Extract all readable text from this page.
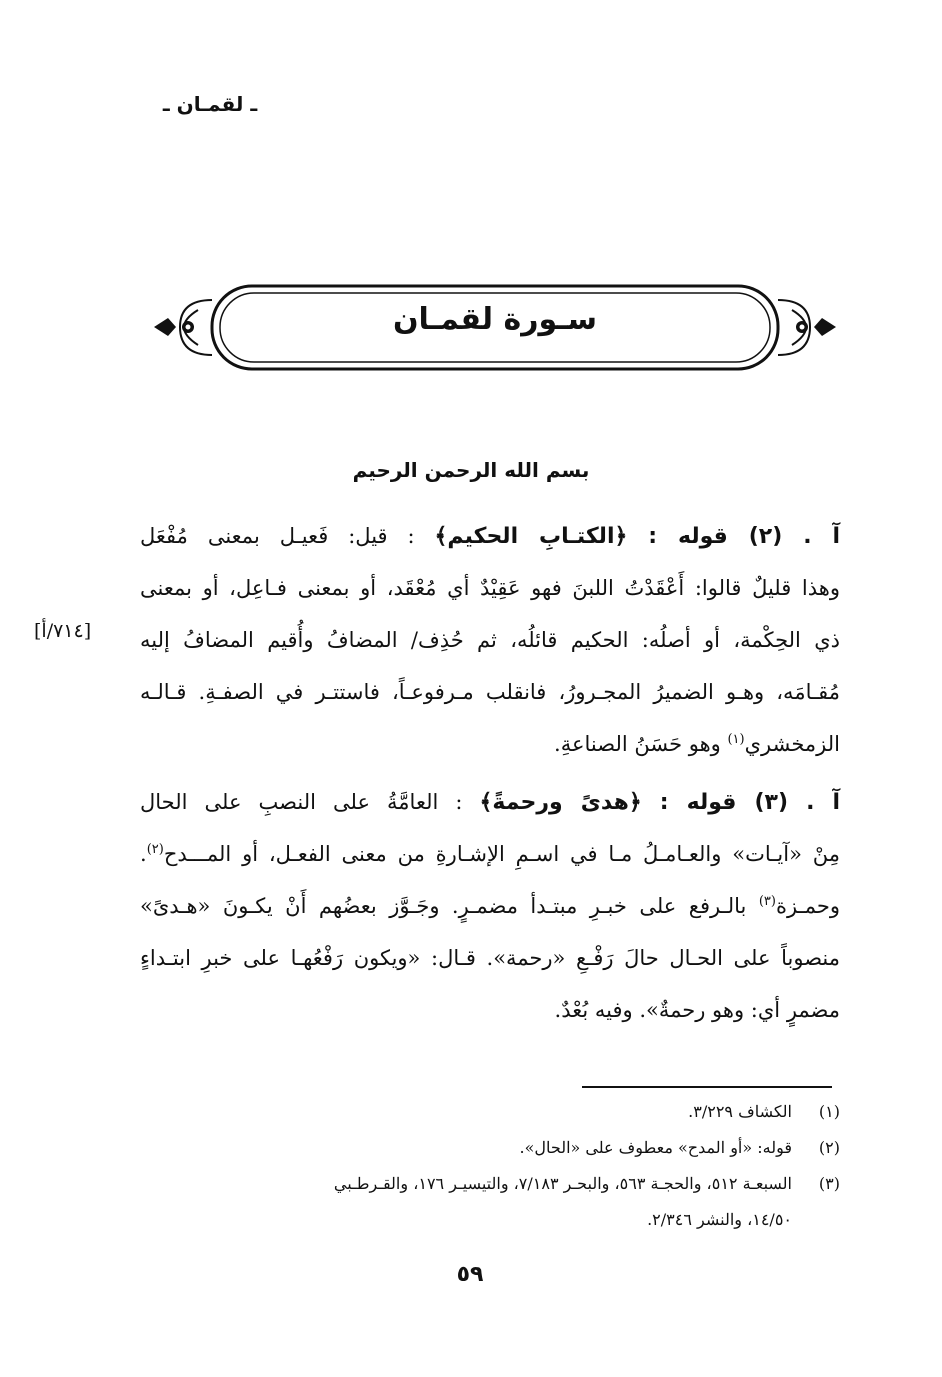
ـ لقمـان ـ
سـورة لقمـان
بسم الله الرحمن الرحيم
آ . (٢) قوله : ﴿الكتـابِ الحكيم﴾ : قيل: فَعيـل بمعنى مُفْعَل
وهذا قليلٌ قالوا: أَعْقَدْتُ اللبنَ فهو عَقِيْدٌ أي مُعْقَد، أو بمعنى فـاعِل، أو بمعنى
ذي الحِكْمة، أو أصلُه: الحكيم قائلُه، ثم حُذِف/ المضافُ وأُقيم المضافُ إليه
مُقـامَه، وهـو الضميرُ المجـرورُ، فانقلب مـرفوعـاً، فاستتـر في الصفـةِ. قـالـه
الزمخشري$^{(١)}$ وهو حَسَنُ الصناعةِ.
[٧١٤/أ]
آ . (٣) قوله : ﴿هدىً ورحمةً﴾ : العامَّةُ على النصبِ على الحال
مِنْ «آيـات» والعـامـلُ مـا في اسـمِ الإشـارةِ من معنى الفعـل، أو المـــدح$^{(٢)}$.
وحمـزة$^{(٣)}$ بالـرفع على خبـرِ مبتـدأ مضمـرٍ. وجَـوَّز بعضُهم أَنْ يكـونَ «هـدىً»
منصوباً على الحـال حالَ رَفْـعِ «رحمة». قـال: «ويكون رَفْعُهـا على خبرِ ابتـداءٍ
مضمرٍ أي: وهو رحمةٌ». وفيه بُعْدٌ.
(١)الكشاف ٣/٢٢٩.
(٢)قوله: «أو المدح» معطوف على «الحال».
(٣)السبعـة ٥١٢، والحجـة ٥٦٣، والبحـر ٧/١٨٣، والتيسيـر ١٧٦، والقـرطـبي
١٤/٥٠، والنشر ٢/٣٤٦.
٥٩
